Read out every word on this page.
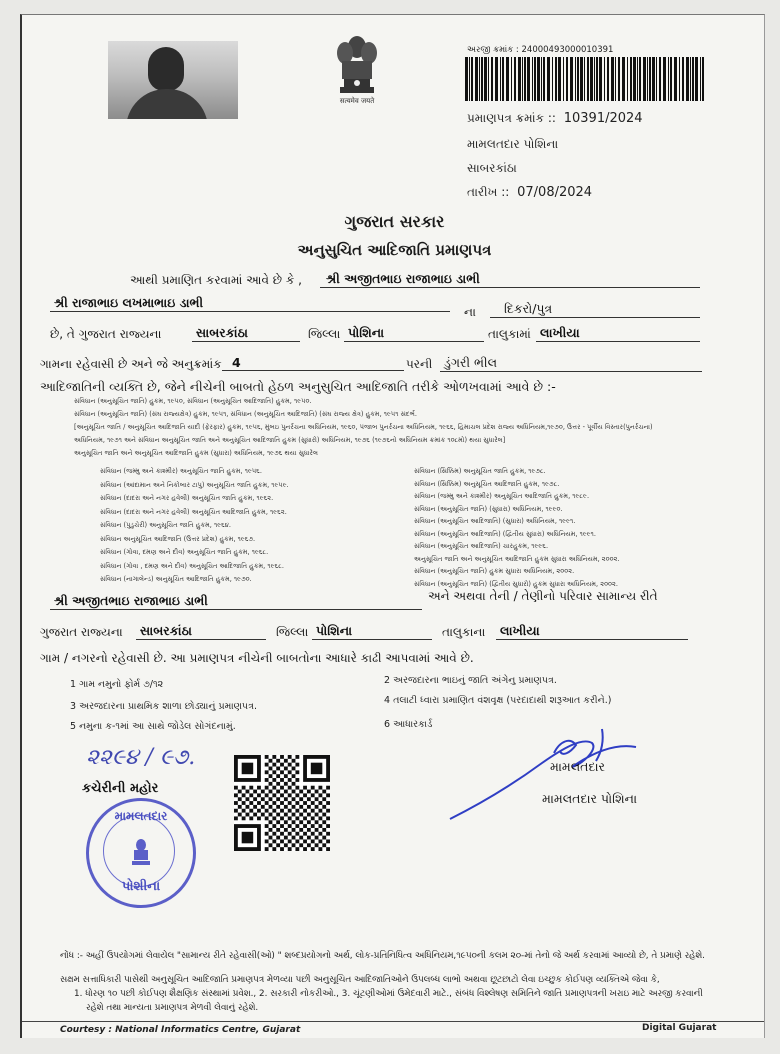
सत्यमेव जयते
અરજી ક્રમાંક : 24000493000010391
પ્રમાણપત્ર ક્રમાંક :: 10391/2024
મામલતદાર પોશિના
સાબરકાંઠા
તારીખ :: 07/08/2024
ગુજરાત સરકાર
અનુસુચિત આદિજાતિ પ્રમાણપત્ર
આથી પ્રમાણિત કરવામાં આવે છે કે ,	શ્રી અજીતભાઇ રાજાભાઇ ડાભી
શ્રી રાજાભાઇ લખમાભાઇ ડાભી
ના	દિકરો/પુત્ર
છે, તે ગુજરાત રાજ્યના	સાબરકાંઠા	જિલ્લા પોશિના	તાલુકામાં લાખીયા
ગામના રહેવાસી છે અને જે અનુક્રમાંક 4	પરની ડુંગરી ભીલ
આદિજાતિની વ્યક્તિ છે, જેને નીચેની બાબતો હેઠળ અનુસુચિત આદિજાતિ તરીકે ઓળખવામાં આવે છે :-
સંવિધાન (અનુસૂચિત જાતિ) હુકમ, ૧૯૫૦, સંવિધાન (અનુસૂચિત આદિજાતિ) હુકમ, ૧૯૫૦.
સંવિધાન (અનુસૂચિત જાતિ) (સંઘ રાજ્યક્ષેત્ર) હુકમ, ૧૯૫૧, સંવિધાન (અનુસૂચિત આદિજાતિ) (સંઘ રાજ્ય ક્ષેત્ર) હુકમ, ૧૯૫૧ સંદર્ભ.
[અનુસૂચિત જાતિ / અનુસૂચિત આદિજાતિ યાદી (ફેરફાર) હુકમ, ૧૯૫૬, મુંબઇ પુનર્રચના અધિનિયમ, ૧૯૬૦, પંજાબ પુનર્રચના અધિનિયમ, ૧૯૬૬, હિમાચલ પ્રદેશ રાજ્ય અધિનિયમ,૧૯૭૦, ઉત્તર - પૂર્વીય વિસ્તાર(પુનર્રચના)
અધિનિયમ, ૧૯૭૧ અને સંવિધાન અનુસૂચિત જાતિ અને અનુસૂચિત આદિજાતિ હુકમ (સુધારો) અધિનિયમ, ૧૯૭૬ (૧૯૭૬નો અધિનિયમ ક્રમાંક ૧૦૮મો) થયા સુધારેલ]
અનુસૂચિત જાતિ અને અનુસૂચિત આદિજાતિ હુકમ (સુધારા) અધિનિયમ, ૧૯૭૬ થયા સુધારેલ
સંવિધાન (જમ્મુ અને કાશ્મીર) અનુસૂચિત જાતિ હુકમ, ૧૯૫૬.
સંવિધાન (આંદામાન અને નિકોબાર ટાપુ) અનુસૂચિત જાતિ હુકમ, ૧૯૫૯.
સંવિધાન (દાદરા અને નગર હવેલી) અનુસૂચિત જાતિ હુકમ, ૧૯૬૨.
સંવિધાન (દાદરા અને નગર હવેલી) અનુસૂચિત આદિજાતિ હુકમ, ૧૯૬૨.
સંવિધાન (પુડુચેરી) અનુસૂચિત જાતિ હુકમ, ૧૯૬૪.
સંવિધાન અનુસૂચિત આદિજાતિ (ઉત્તર પ્રદેશ) હુકમ, ૧૯૬૭.
સંવિધાન (ગોવા, દમણ અને દીવ) અનુસૂચિત જાતિ હુકમ, ૧૯૬૮.
સંવિધાન (ગોવા , દમણ અને દીવ) અનુસૂચિત આદિજાતિ હુકમ, ૧૯૬૮.
સંવિધાન (નાગાલેન્ડ) અનુસૂચિત આદિજાતિ હુકમ, ૧૯૭૦.
સંવિધાન (સિક્કિમ) અનુસૂચિત જાતિ હુકમ, ૧૯૭૮.
સંવિધાન (સિક્કિમ) અનુસૂચિત આદિજાતિ હુકમ, ૧૯૭૮.
સંવિધાન (જમ્મુ અને કાશ્મીર) અનુસૂચિત આદિજાતિ હુકમ, ૧૯૮૯.
સંવિધાન (અનુસૂચિત જાતિ) (સુધારા) અધિનિયમ, ૧૯૯૦.
સંવિધાન (અનુસૂચિત આદિજાતિ) (સુધારા) અધિનિયમ, ૧૯૯૧.
સંવિધાન (અનુસૂચિત આદિજાતિ) (દ્વિતીય સુધારા) અધિનિયમ, ૧૯૯૧.
સંવિધાન (અનુસૂચિત આદિજાતિ) ચારહુકમ, ૧૯૯૬.
અનુસૂચિત જાતિ અને અનુસૂચિત આદિજાતિ હુકમ સુધારા અધિનિયમ, ૨૦૦૨.
સંવિધાન (અનુસૂચિત જાતિ) હુકમ સુધારા અધિનિયમ, ૨૦૦૨.
સંવિધાન (અનુસૂચિત જાતિ) (દ્વિતીય સુધારો) હુકમ સુધારા અધિનિયમ, ૨૦૦૨.
શ્રી અજીતભાઇ રાજાભાઇ ડાભી	અને અથવા તેની / તેણીનો પરિવાર સામાન્ય રીતે
ગુજરાત રાજ્યના	સાબરકાંઠા	જિલ્લા પોશિના	તાલુકાના	લાખીયા
ગામ / નગરનો રહેવાસી છે. આ પ્રમાણપત્ર નીચેની બાબતોના આધારે કાઢી આપવામાં આવે છે.
1 ગામ નમુનો ફોર્મ ૭/૧૨	2 અરજદારના ભાઇનું જાતિ અંગેનુ પ્રમાણપત્ર.
3 અરજદારના પ્રાથમિક શાળા છોડ્યાનું પ્રમાણપત્ર.
4 તલાટી ધ્વારા પ્રમાણિત વંશવૃક્ષ (પરદાદાથી શરૂઆત કરીને.)
5 નમુના ક-૧માં આ સાથે જોડેલ સોગંદનામું.	6 આધારકાર્ડ
૨૨૯૪ / ૯૭.
કચેરીની મહોર
મામલતદાર
પોશીના
મામલતદાર
મામલતદાર પોશિના
નોંધ :- અહીં ઉપયોગમાં લેવાયેલ "સામાન્ય રીતે રહેવાસી(ઓ) " શબ્દપ્રયોગનો અર્થ, લોક-પ્રતિનિધિત્વ અધિનિયમ,૧૯૫૦ની કલમ ૨૦-માં તેનો જે અર્થ કરવામાં આવ્યો છે, તે પ્રમાણે રહેશે.
સક્ષમ સત્તાધિકારી પાસેથી અનુસૂચિત આદિજાતિ પ્રમાણપત્ર મેળવ્યા પછી અનુસૂચિત આદિજાતિઓને ઉપલબ્ધ લાભો અથવા છૂટછાટો લેવા ઇચ્છુક કોઈપણ વ્યક્તિએ જેવા કે,
1. ધોરણ ૧૦ પછી કોઈપણ શૈક્ષણિક સંસ્થામાં પ્રવેશ., 2. સરકારી નોકરીઓ., 3. ચૂંટણીઓમાં ઉમેદવારી માટે., સંબંધ વિશ્લેષણ સમિતિને જાતિ પ્રમાણપત્રની ખરાઇ માટે અરજી કરવાની
રહેશે તથા માન્યતા પ્રમાણપત્ર મેળવી લેવાનું રહેશે.
Courtesy : National Informatics Centre, Gujarat	Digital Gujarat
